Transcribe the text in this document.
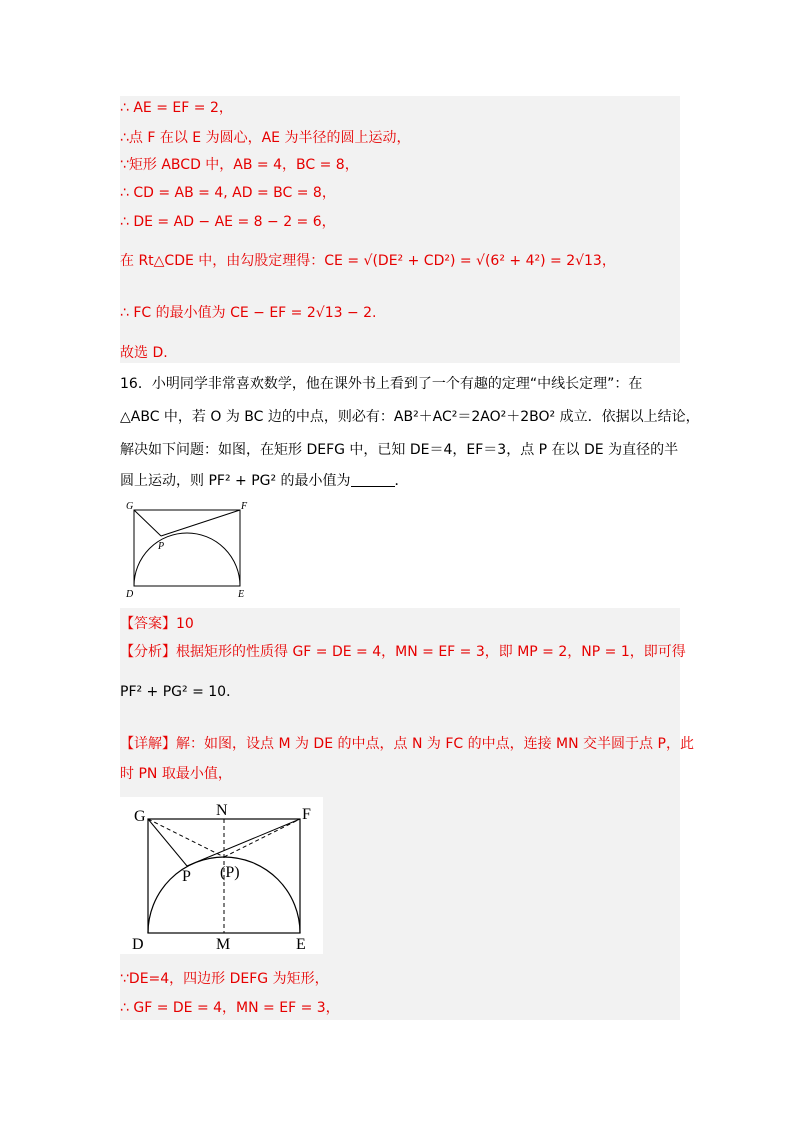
∴ AE = EF = 2，
∴点 F 在以 E 为圆心，AE 为半径的圆上运动，
∵矩形 ABCD 中，AB = 4，BC = 8，
∴ CD = AB = 4, AD = BC = 8，
∴ DE = AD − AE = 8 − 2 = 6，
在 Rt△CDE 中，由勾股定理得：CE = √(DE² + CD²) = √(6² + 4²) = 2√13，
∴ FC 的最小值为 CE − EF = 2√13 − 2.
故选 D.
16．小明同学非常喜欢数学，他在课外书上看到了一个有趣的定理“中线长定理”：在
△ABC 中，若 O 为 BC 边的中点，则必有：AB²＋AC²＝2AO²＋2BO² 成立．依据以上结论，
解决如下问题：如图，在矩形 DEFG 中，已知 DE＝4，EF＝3，点 P 在以 DE 为直径的半
圆上运动，则 PF² + PG² 的最小值为	．
G	F
P
D	E
【答案】10
【分析】根据矩形的性质得 GF = DE = 4，MN = EF = 3，即 MP = 2，NP = 1，即可得
PF² + PG² = 10．
【详解】解：如图，设点 M 为 DE 的中点，点 N 为 FC 的中点，连接 MN 交半圆于点 P，此
时 PN 取最小值，
G	N	F
P (P)
D	M	E
∵DE=4，四边形 DEFG 为矩形，
∴ GF = DE = 4，MN = EF = 3，
